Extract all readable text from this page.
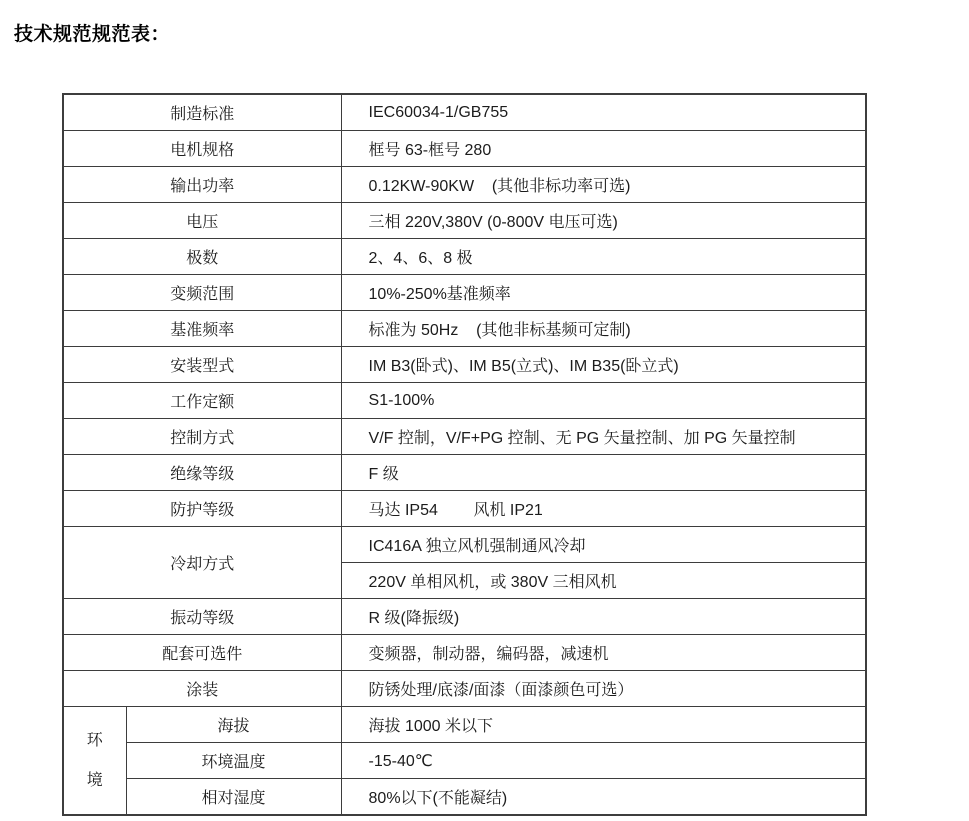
技术规范规范表：
制造标准		IEC60034-1/GB755
电机规格		框号 63-框号 280
输出功率		0.12KW-90KW    (其他非标功率可选)
电压		三相 220V,380V (0-800V 电压可选)
极数		2、4、6、8 极
变频范围		10%-250%基准频率
基准频率		标准为 50Hz    (其他非标基频可定制)
安装型式		IM B3(卧式)、IM B5(立式)、IM B35(卧立式)
工作定额		S1-100%
控制方式		V/F 控制，V/F+PG 控制、无 PG 矢量控制、加 PG 矢量控制
绝缘等级		F 级
防护等级		马达 IP54        风机 IP21
冷却方式		IC416A 独立风机强制通风冷却
		220V 单相风机，或 380V 三相风机
振动等级		R 级(降振级)
配套可选件		变频器，制动器，编码器，减速机
涂装		防锈处理/底漆/面漆（面漆颜色可选）
环境	海拔	海拔 1000 米以下
	环境温度	-15-40℃
	相对湿度	80%以下(不能凝结)
